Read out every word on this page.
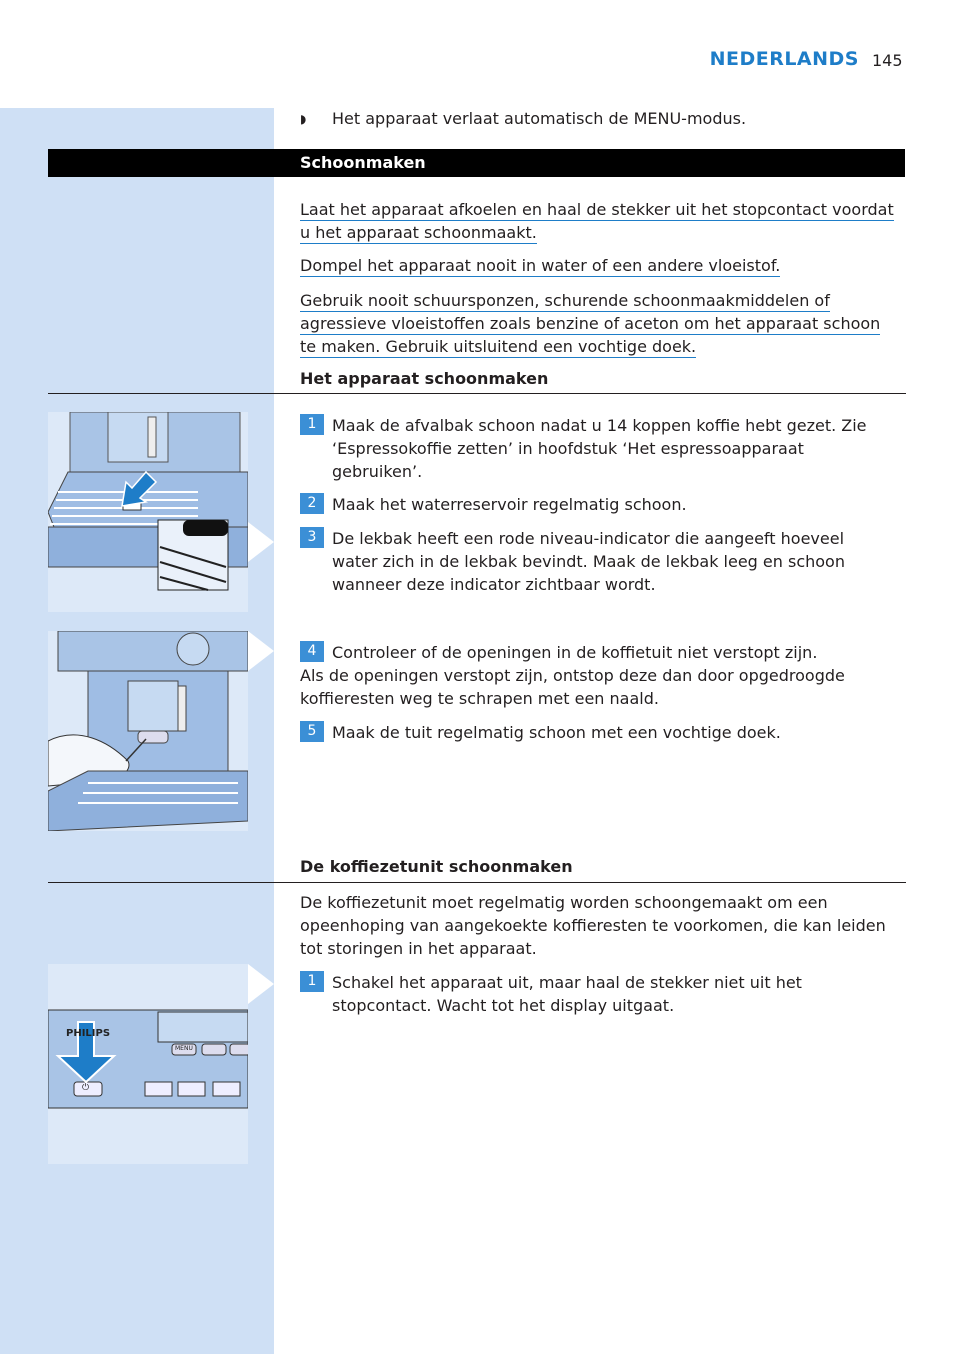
NEDERLANDS 145
◗ Het apparaat verlaat automatisch de MENU-modus.
Schoonmaken
Laat het apparaat afkoelen en haal de stekker uit het stopcontact voordat u het apparaat schoonmaakt.
Dompel het apparaat nooit in water of een andere vloeistof.
Gebruik nooit schuursponzen, schurende schoonmaakmiddelen of agressieve vloeistoffen zoals benzine of aceton om het apparaat schoon te maken. Gebruik uitsluitend een vochtige doek.
Het apparaat schoonmaken
1 Maak de afvalbak schoon nadat u 14 koppen koffie hebt gezet. Zie ‘Espressokoffie zetten’ in hoofdstuk ‘Het espressoapparaat gebruiken’.
2 Maak het waterreservoir regelmatig schoon.
3 De lekbak heeft een rode niveau-indicator die aangeeft hoeveel water zich in de lekbak bevindt. Maak de lekbak leeg en schoon wanneer deze indicator zichtbaar wordt.
4 Controleer of de openingen in de koffietuit niet verstopt zijn.
Als de openingen verstopt zijn, ontstop deze dan door opgedroogde koffieresten weg te schrapen met een naald.
5 Maak de tuit regelmatig schoon met een vochtige doek.
De koffiezetunit schoonmaken
De koffiezetunit moet regelmatig worden schoongemaakt om een opeenhoping van aangekoekte koffieresten te voorkomen, die kan leiden tot storingen in het apparaat.
PHILIPS
MENU
⏻
1 Schakel het apparaat uit, maar haal de stekker niet uit het stopcontact. Wacht tot het display uitgaat.
